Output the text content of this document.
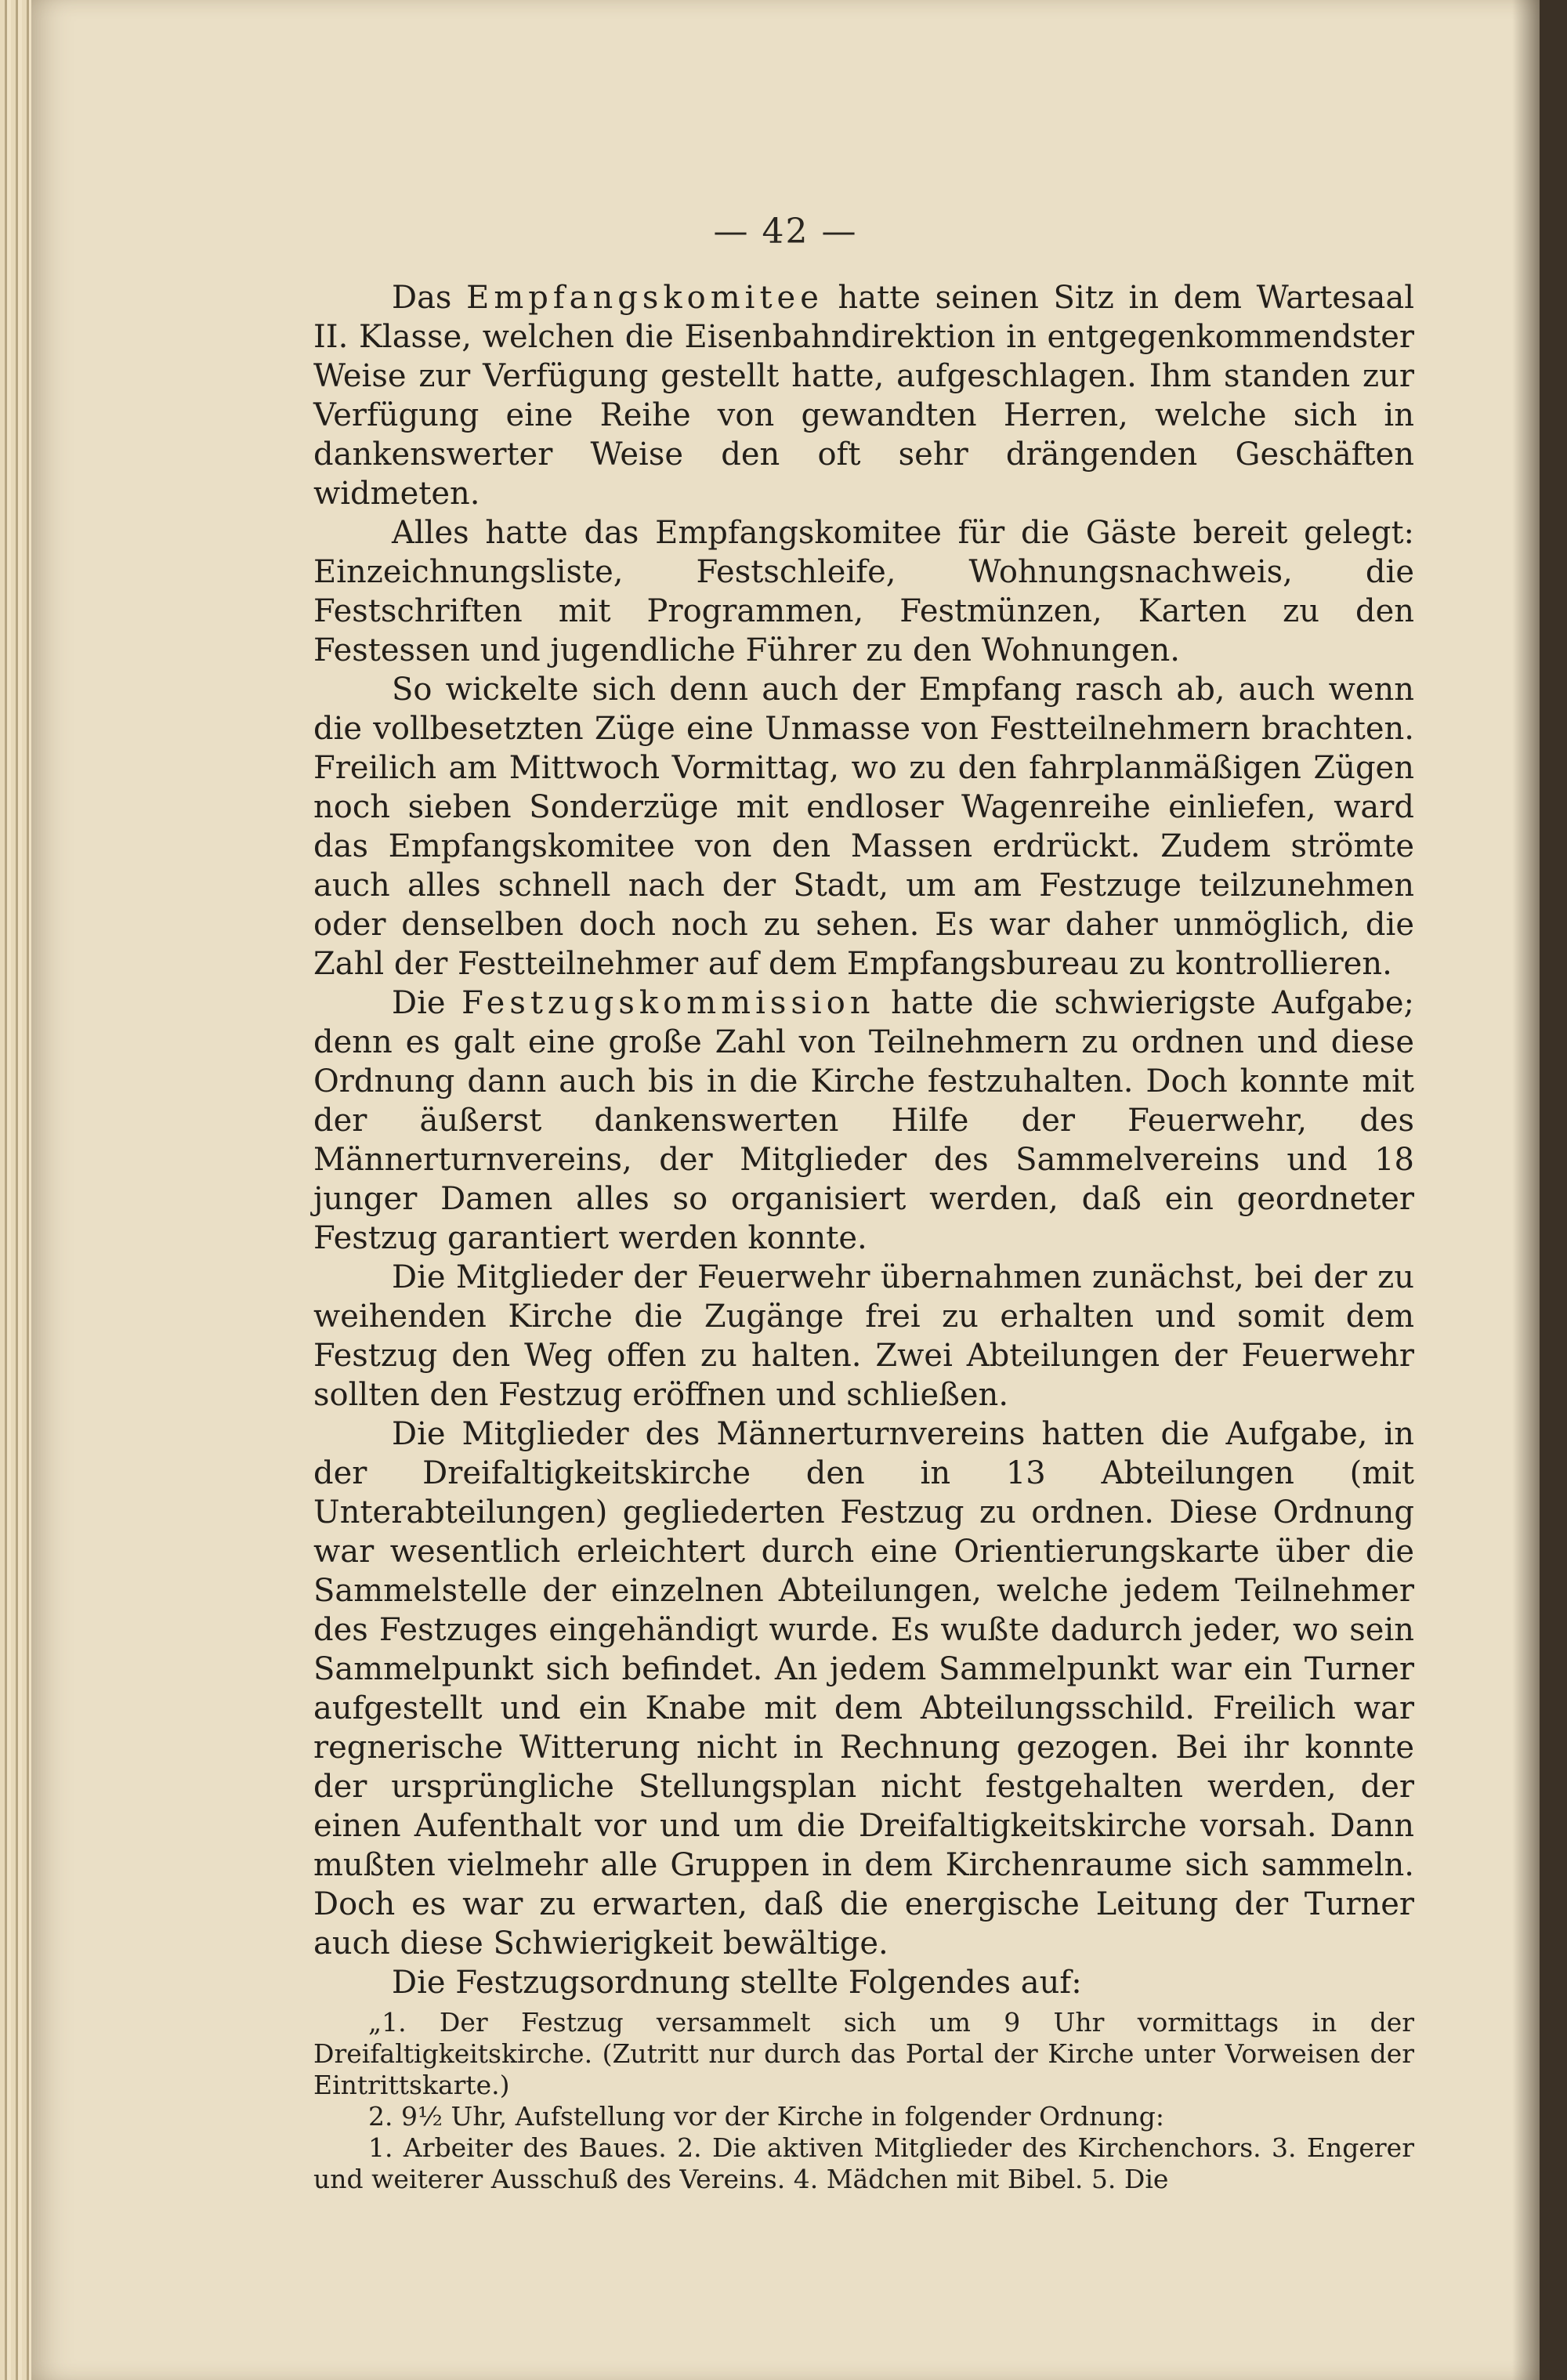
— 42 —

Das Empfangskomitee hatte seinen Sitz in dem Wartesaal II. Klasse, welchen die Eisenbahndirektion in entgegenkommendster Weise zur Verfügung gestellt hatte, aufgeschlagen. Ihm standen zur Verfügung eine Reihe von gewandten Herren, welche sich in dankenswerter Weise den oft sehr drängenden Geschäften widmeten.

Alles hatte das Empfangskomitee für die Gäste bereit gelegt: Einzeichnungsliste, Festschleife, Wohnungsnachweis, die Festschriften mit Programmen, Festmünzen, Karten zu den Festessen und jugendliche Führer zu den Wohnungen.

So wickelte sich denn auch der Empfang rasch ab, auch wenn die vollbesetzten Züge eine Unmasse von Festteilnehmern brachten. Freilich am Mittwoch Vormittag, wo zu den fahrplanmäßigen Zügen noch sieben Sonderzüge mit endloser Wagenreihe einliefen, ward das Empfangskomitee von den Massen erdrückt. Zudem strömte auch alles schnell nach der Stadt, um am Festzuge teilzunehmen oder denselben doch noch zu sehen. Es war daher unmöglich, die Zahl der Festteilnehmer auf dem Empfangsbureau zu kontrollieren.

Die Festzugskommission hatte die schwierigste Aufgabe; denn es galt eine große Zahl von Teilnehmern zu ordnen und diese Ordnung dann auch bis in die Kirche festzuhalten. Doch konnte mit der äußerst dankenswerten Hilfe der Feuerwehr, des Männerturnvereins, der Mitglieder des Sammelvereins und 18 junger Damen alles so organisiert werden, daß ein geordneter Festzug garantiert werden konnte.

Die Mitglieder der Feuerwehr übernahmen zunächst, bei der zu weihenden Kirche die Zugänge frei zu erhalten und somit dem Festzug den Weg offen zu halten. Zwei Abteilungen der Feuerwehr sollten den Festzug eröffnen und schließen.

Die Mitglieder des Männerturnvereins hatten die Aufgabe, in der Dreifaltigkeitskirche den in 13 Abteilungen (mit Unterabteilungen) gegliederten Festzug zu ordnen. Diese Ordnung war wesentlich erleichtert durch eine Orientierungskarte über die Sammelstelle der einzelnen Abteilungen, welche jedem Teilnehmer des Festzuges eingehändigt wurde. Es wußte dadurch jeder, wo sein Sammelpunkt sich befindet. An jedem Sammelpunkt war ein Turner aufgestellt und ein Knabe mit dem Abteilungsschild. Freilich war regnerische Witterung nicht in Rechnung gezogen. Bei ihr konnte der ursprüngliche Stellungsplan nicht festgehalten werden, der einen Aufenthalt vor und um die Dreifaltigkeitskirche vorsah. Dann mußten vielmehr alle Gruppen in dem Kirchenraume sich sammeln. Doch es war zu erwarten, daß die energische Leitung der Turner auch diese Schwierigkeit bewältige.

Die Festzugsordnung stellte Folgendes auf:

„1. Der Festzug versammelt sich um 9 Uhr vormittags in der Dreifaltigkeitskirche. (Zutritt nur durch das Portal der Kirche unter Vorweisen der Eintrittskarte.)

2. 9½ Uhr, Aufstellung vor der Kirche in folgender Ordnung:

1. Arbeiter des Baues. 2. Die aktiven Mitglieder des Kirchenchors. 3. Engerer und weiterer Ausschuß des Vereins. 4. Mädchen mit Bibel. 5. Die
